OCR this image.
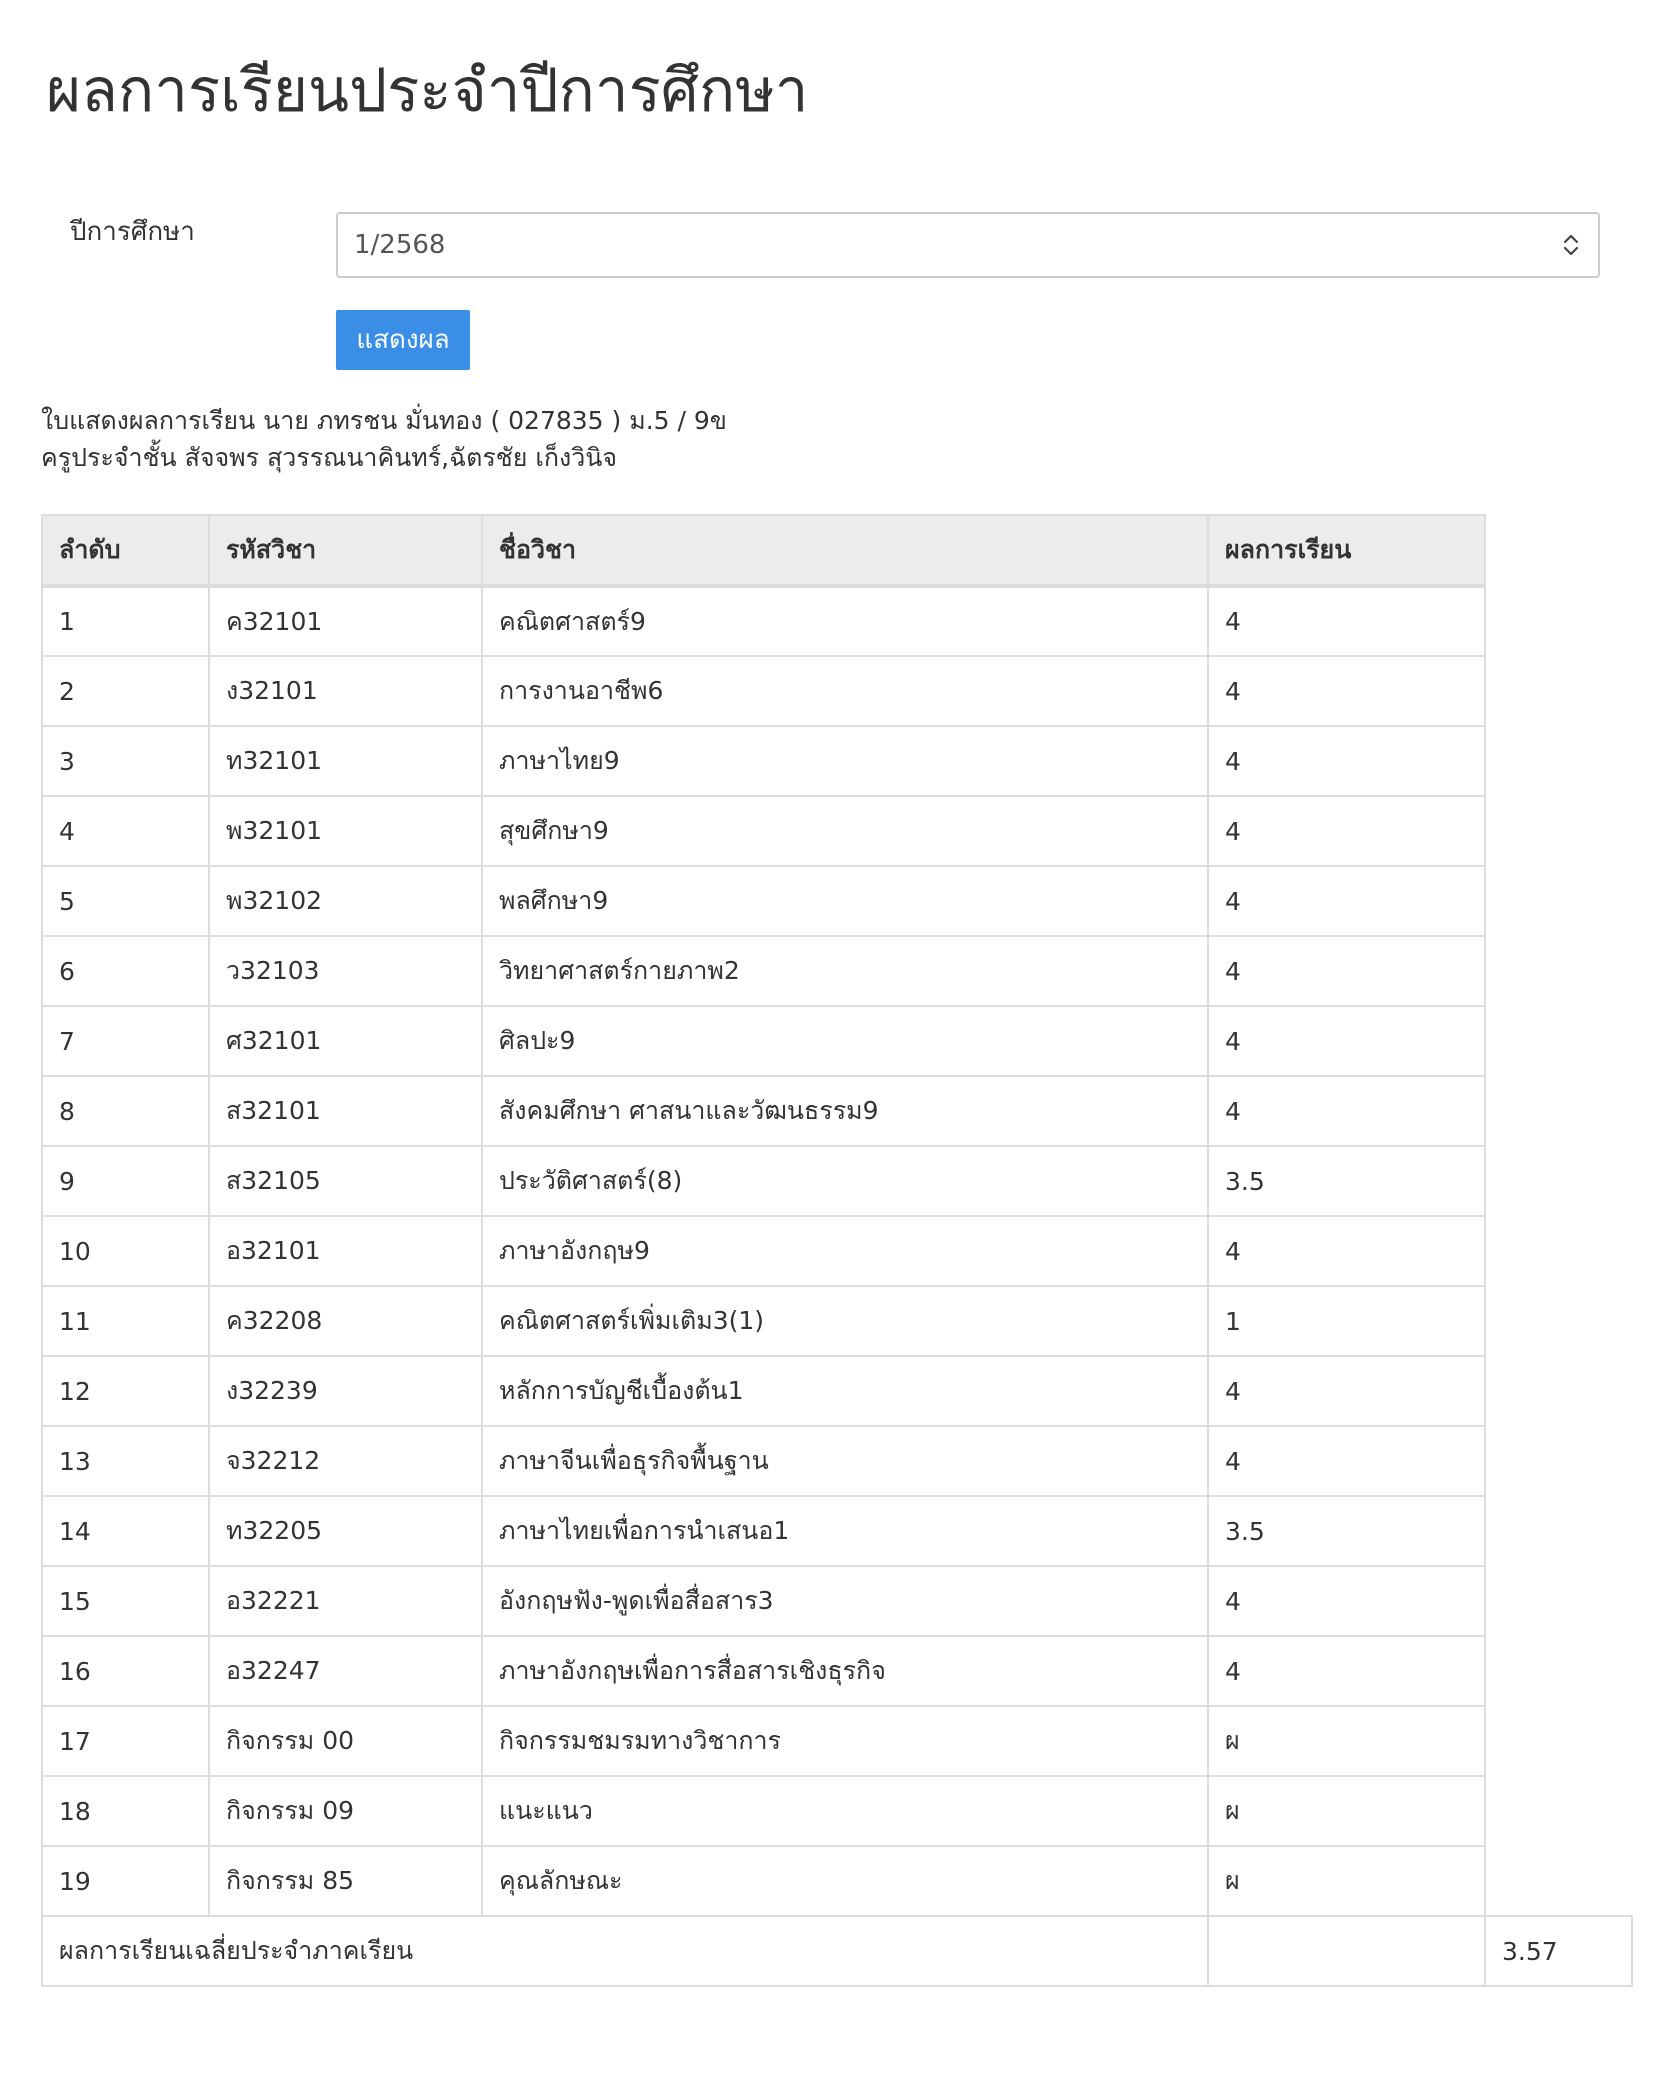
ผลการเรียนประจำปีการศึกษา
ปีการศึกษา	1/2568
แสดงผล
ใบแสดงผลการเรียน นาย ภทรชน มั่นทอง ( 027835 ) ม.5 / 9ข
ครูประจำชั้น สัจจพร สุวรรณนาคินทร์,ฉัตรชัย เก็งวินิจ
ลำดับ	รหัสวิชา	ชื่อวิชา	ผลการเรียน	
1	ค32101	คณิตศาสตร์9	4	
2	ง32101	การงานอาชีพ6	4	
3	ท32101	ภาษาไทย9	4	
4	พ32101	สุขศึกษา9	4	
5	พ32102	พลศึกษา9	4	
6	ว32103	วิทยาศาสตร์กายภาพ2	4	
7	ศ32101	ศิลปะ9	4	
8	ส32101	สังคมศึกษา ศาสนาและวัฒนธรรม9	4	
9	ส32105	ประวัติศาสตร์(8)	3.5	
10	อ32101	ภาษาอังกฤษ9	4	
11	ค32208	คณิตศาสตร์เพิ่มเติม3(1)	1	
12	ง32239	หลักการบัญชีเบื้องต้น1	4	
13	จ32212	ภาษาจีนเพื่อธุรกิจพื้นฐาน	4	
14	ท32205	ภาษาไทยเพื่อการนำเสนอ1	3.5	
15	อ32221	อังกฤษฟัง-พูดเพื่อสื่อสาร3	4	
16	อ32247	ภาษาอังกฤษเพื่อการสื่อสารเชิงธุรกิจ	4	
17	กิจกรรม 00	กิจกรรมชมรมทางวิชาการ	ผ	
18	กิจกรรม 09	แนะแนว	ผ	
19	กิจกรรม 85	คุณลักษณะ	ผ	
ผลการเรียนเฉลี่ยประจำภาคเรียน				3.57
